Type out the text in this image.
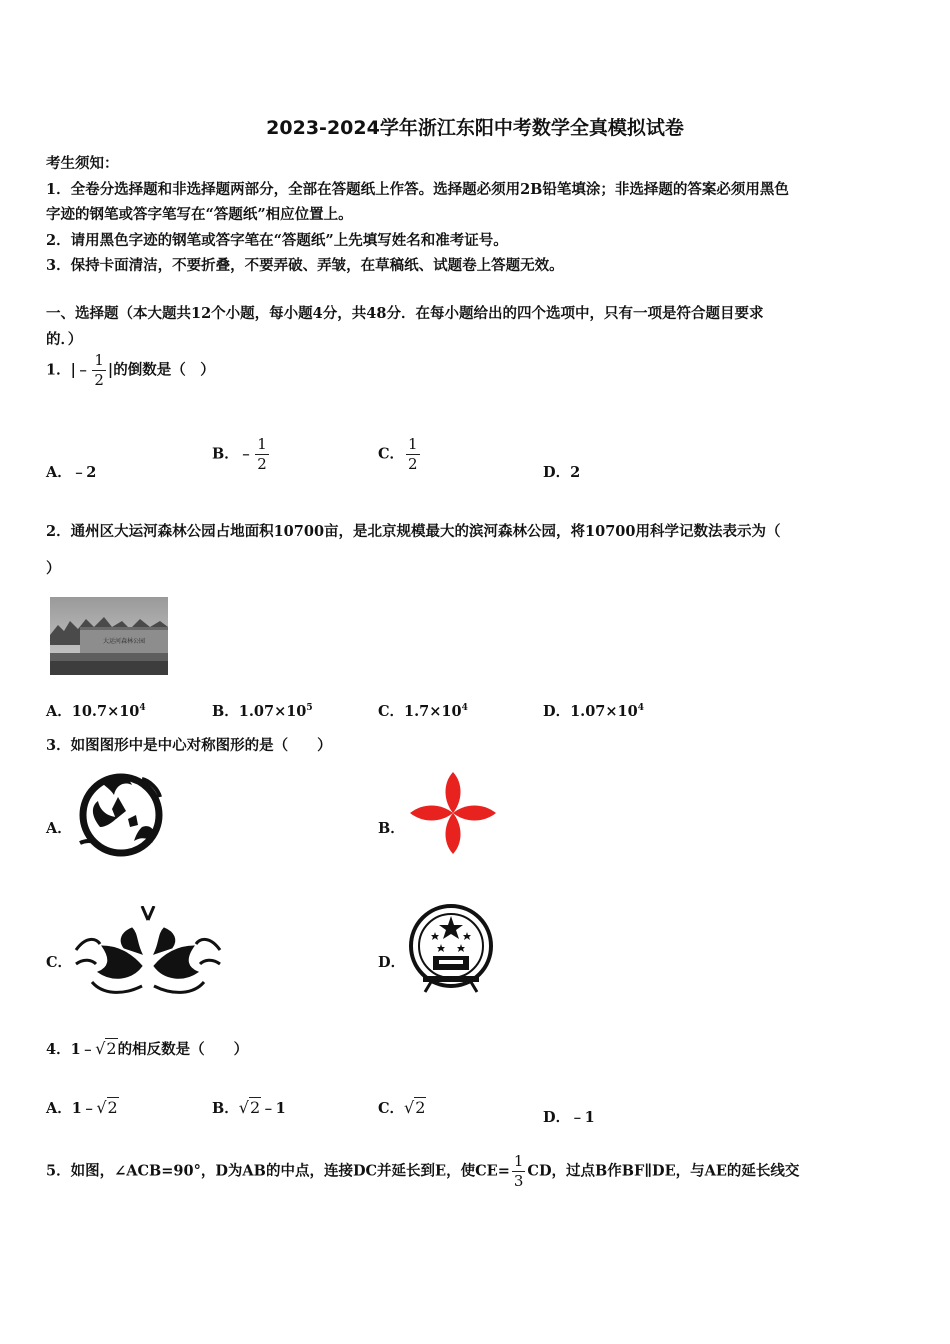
2023-2024学年浙江东阳中考数学全真模拟试卷
考生须知：
1．全卷分选择题和非选择题两部分，全部在答题纸上作答。选择题必须用2B铅笔填涂；非选择题的答案必须用黑色
字迹的钢笔或答字笔写在“答题纸”相应位置上。
2．请用黑色字迹的钢笔或答字笔在“答题纸”上先填写姓名和准考证号。
3．保持卡面清洁，不要折叠，不要弄破、弄皱，在草稿纸、试题卷上答题无效。
一、选择题（本大题共12个小题，每小题4分，共48分．在每小题给出的四个选项中，只有一项是符合题目要求
的．）
1．|﹣ $\frac{1}{2}$ |的倒数是（　）
A．﹣2
B．﹣ $\frac{1}{2}$	C． $\frac{1}{2}$
D．2
2．通州区大运河森林公园占地面积10700亩，是北京规模最大的滨河森林公园，将10700用科学记数法表示为（
）
大运河森林公园
A．$10.7\times 10^4$	B．$1.07\times 10^5$	C．$1.7\times 10^4$	D．$1.07\times 10^4$
3．如图图形中是中心对称图形的是（　　）
A．	B．
C．	D．
4．1﹣√2的相反数是（　　）
A．1﹣√2	B．√2﹣1	C．√2
D．﹣1
5．如图，∠ACB=90°，D为AB的中点，连接DC并延长到E，使$CE= \frac{1}{3}$ CD，过点B作BF∥DE，与AE的延长线交
